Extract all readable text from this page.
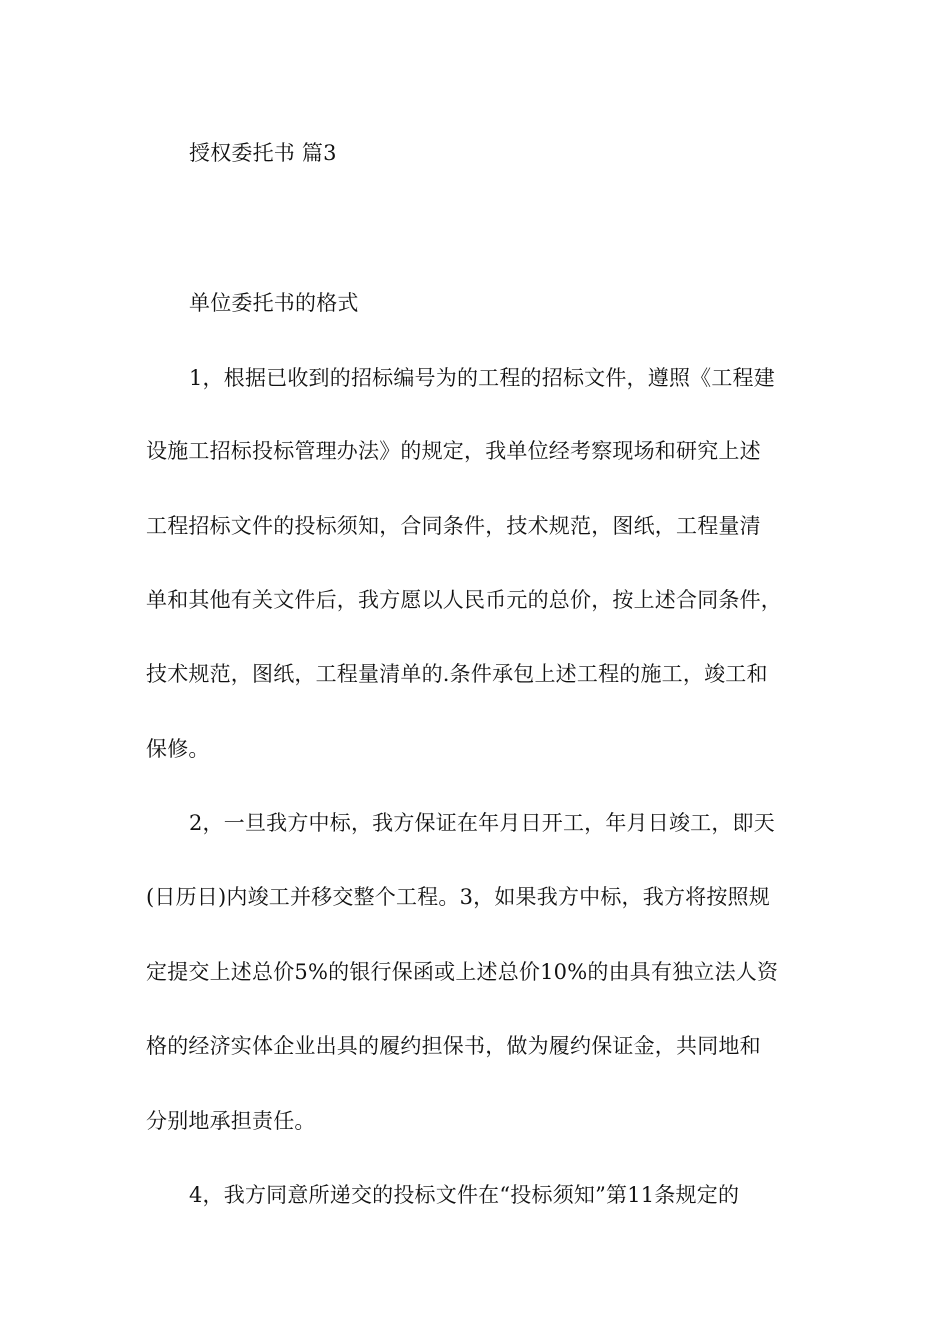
授权委托书 篇3
单位委托书的格式
1，根据已收到的招标编号为的工程的招标文件，遵照《工程建
设施工招标投标管理办法》的规定，我单位经考察现场和研究上述
工程招标文件的投标须知，合同条件，技术规范，图纸，工程量清
单和其他有关文件后，我方愿以人民币元的总价，按上述合同条件，
技术规范，图纸，工程量清单的.条件承包上述工程的施工，竣工和
保修。
2，一旦我方中标，我方保证在年月日开工，年月日竣工，即天
(日历日)内竣工并移交整个工程。3，如果我方中标，我方将按照规
定提交上述总价5%的银行保函或上述总价10%的由具有独立法人资
格的经济实体企业出具的履约担保书，做为履约保证金，共同地和
分别地承担责任。
4，我方同意所递交的投标文件在“投标须知”第11条规定的
